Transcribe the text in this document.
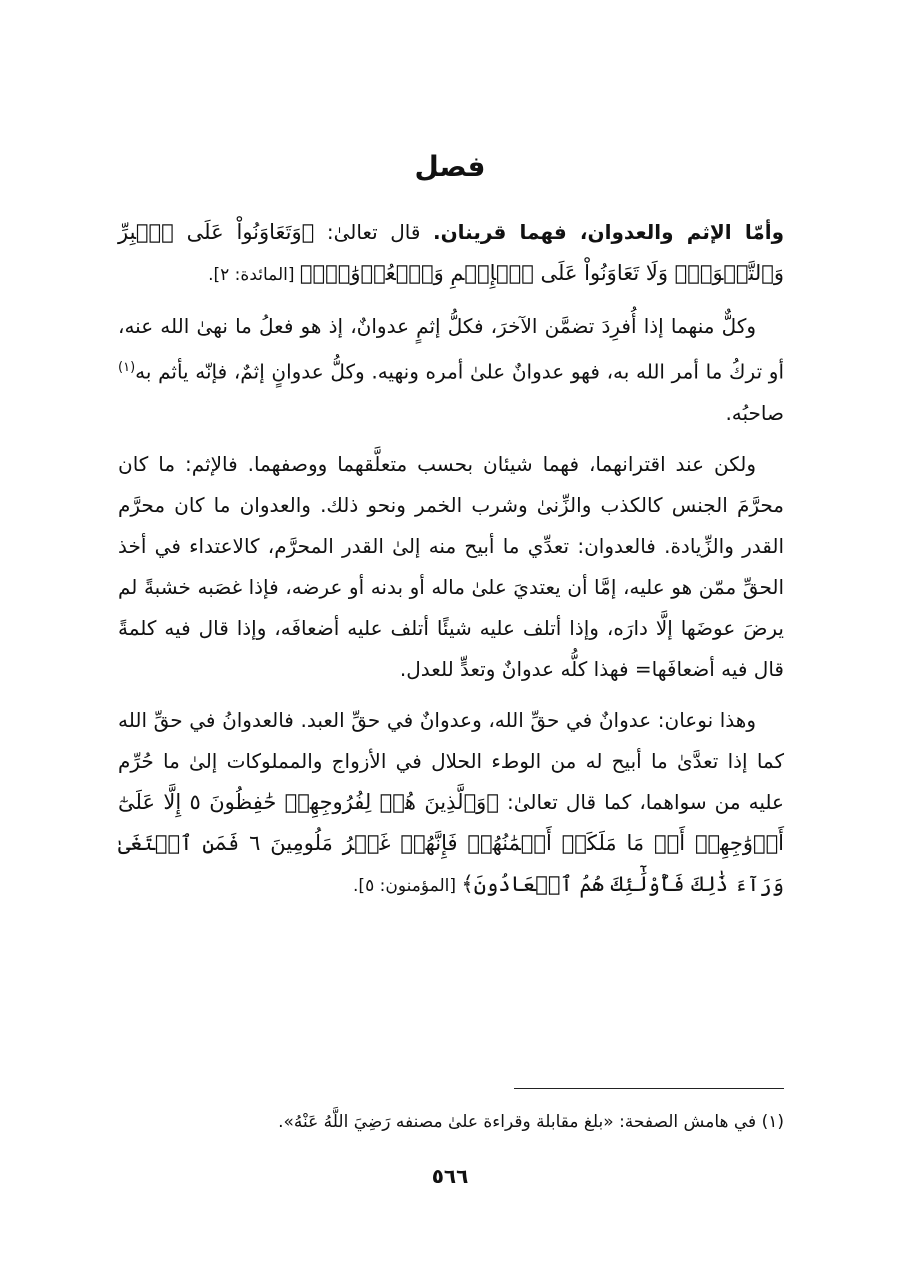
فصل

وأمّا الإثم والعدوان، فهما قرينان. قال تعالىٰ: ﴿وَتَعَاوَنُواْ عَلَى ٱلۡبِرِّ وَٱلتَّقۡوَىٰۖ وَلَا تَعَاوَنُواْ عَلَى ٱلۡإِثۡمِ وَٱلۡعُدۡوَٰنِۚ﴾ [المائدة: ٢].

وكلٌّ منهما إذا أُفرِدَ تضمَّن الآخرَ، فكلُّ إثمٍ عدوانٌ، إذ هو فعلُ ما نهىٰ الله عنه، أو تركُ ما أمر الله به، فهو عدوانٌ علىٰ أمره ونهيه. وكلُّ عدوانٍ إثمٌ، فإنّه يأثم به$^{(١)}$ صاحبُه.

ولكن عند اقترانهما، فهما شيئان بحسب متعلَّقهما ووصفهما. فالإثم: ما كان محرَّمَ الجنس كالكذب والزِّنىٰ وشرب الخمر ونحو ذلك. والعدوان ما كان محرَّم القدر والزِّيادة. فالعدوان: تعدِّي ما أبيح منه إلىٰ القدر المحرَّم، كالاعتداء في أخذ الحقِّ ممّن هو عليه، إمَّا أن يعتديَ علىٰ ماله أو بدنه أو عرضه، فإذا غصَبه خشبةً لم يرضَ عوضَها إلَّا دارَه، وإذا أتلف عليه شيئًا أتلف عليه أضعافَه، وإذا قال فيه كلمةً قال فيه أضعافَها= فهذا كلُّه عدوانٌ وتعدٍّ للعدل.

وهذا نوعان: عدوانٌ في حقِّ الله، وعدوانٌ في حقِّ العبد. فالعدوانُ في حقِّ الله كما إذا تعدَّىٰ ما أبيح له من الوطء الحلال في الأزواج والمملوكات إلىٰ ما حُرِّم عليه من سواهما، كما قال تعالىٰ: ﴿وَٱلَّذِينَ هُمۡ لِفُرُوجِهِمۡ حَٰفِظُونَ ٥ إِلَّا عَلَىٰٓ أَزۡوَٰجِهِمۡ أَوۡ مَا مَلَكَتۡ أَيۡمَٰنُهُمۡ فَإِنَّهُمۡ غَيۡرُ مَلُومِينَ ٦ فَمَنِ ٱبۡتَغَىٰ وَرَآءَ ذَٰلِكَ فَأُوْلَٰٓئِكَ هُمُ ٱلۡعَادُونَ﴾ [المؤمنون: ٥].

(١) في هامش الصفحة: «بلغ مقابلة وقراءة علىٰ مصنفه رَضِيَ اللَّهُ عَنْهُ».
٥٦٦
